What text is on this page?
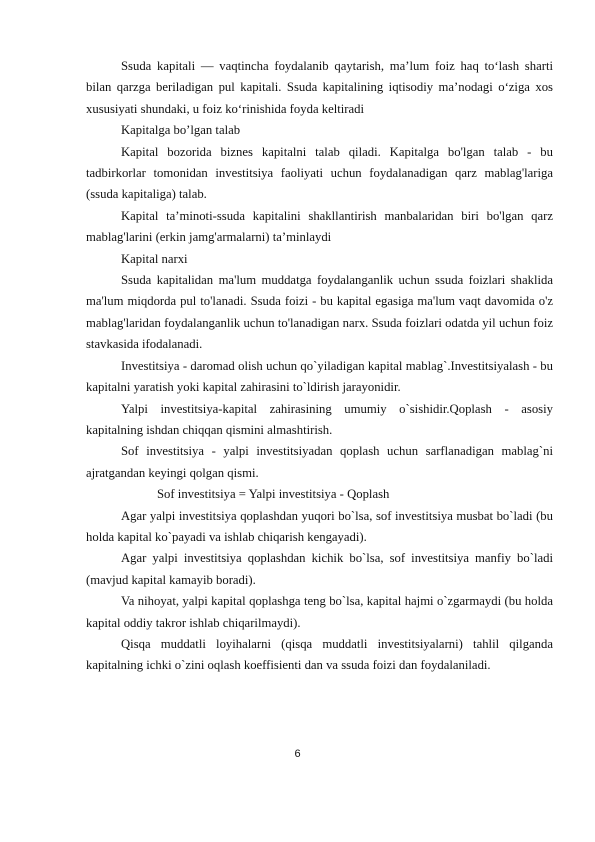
Ssuda kapitali — vaqtincha foydalanib qaytarish, maʼlum foiz haq toʻlash sharti bilan qarzga beriladigan pul kapitali. Ssuda kapitalining iqtisodiy maʼnodagi oʻziga xos xususiyati shundaki, u foiz koʻrinishida foyda keltiradi

Kapitalga bo’lgan talab

Kapital bozorida biznes kapitalni talab qiladi. Kapitalga bo'lgan talab - bu tadbirkorlar tomonidan investitsiya faoliyati uchun foydalanadigan qarz mablag'lariga (ssuda kapitaliga) talab.

Kapital ta’minoti-ssuda kapitalini shakllantirish manbalaridan biri bo'lgan qarz mablag'larini (erkin jamg'armalarni) ta’minlaydi

Kapital narxi

Ssuda kapitalidan ma'lum muddatga foydalanganlik uchun ssuda foizlari shaklida ma'lum miqdorda pul to'lanadi. Ssuda foizi - bu kapital egasiga ma'lum vaqt davomida o'z mablag'laridan foydalanganlik uchun to'lanadigan narx. Ssuda foizlari odatda yil uchun foiz stavkasida ifodalanadi.

Investitsiya - daromad olish uchun qo`yiladigan kapital mablag`.Investitsiyalash - bu kapitalni yaratish yoki kapital zahirasini to`ldirish jarayonidir.

Yalpi investitsiya-kapital zahirasining umumiy o`sishidir.Qoplash - asosiy kapitalning ishdan chiqqan qismini almashtirish.

Sof investitsiya - yalpi investitsiyadan qoplash uchun sarflanadigan mablag`ni ajratgandan keyingi qolgan qismi.

Sof investitsiya = Yalpi investitsiya - Qoplash

Agar yalpi investitsiya qoplashdan yuqori bo`lsa, sof investitsiya musbat bo`ladi (bu holda kapital ko`payadi va ishlab chiqarish kengayadi).

Agar yalpi investitsiya qoplashdan kichik bo`lsa, sof investitsiya manfiy bo`ladi (mavjud kapital kamayib boradi).

Va nihoyat, yalpi kapital qoplashga teng bo`lsa, kapital hajmi o`zgarmaydi (bu holda kapital oddiy takror ishlab chiqarilmaydi).

Qisqa muddatli loyihalarni (qisqa muddatli investitsiyalarni) tahlil qilganda kapitalning ichki o`zini oqlash koeffisienti dan va ssuda foizi dan foydalaniladi.

6
